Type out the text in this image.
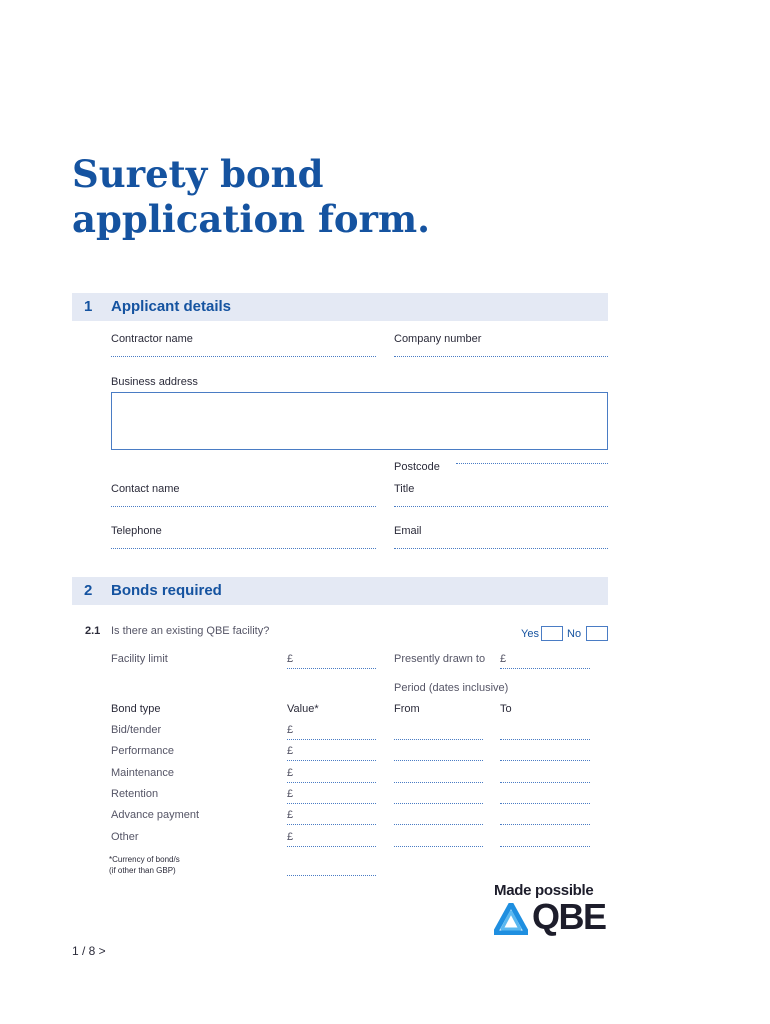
Surety bond
application form.
1 Applicant details
Contractor name	Company number
Business address
Postcode
Contact name	Title
Telephone	Email
2 Bonds required
2.1 Is there an existing QBE facility?	Yes	No
Facility limit	£	Presently drawn to £
Period (dates inclusive)
Bond type	Value*	From	To
Bid/tender	£
Performance	£
Maintenance	£
Retention	£
Advance payment	£
Other	£
*Currency of bond/s
(if other than GBP)
Made possible
QBE
1 / 8 >
